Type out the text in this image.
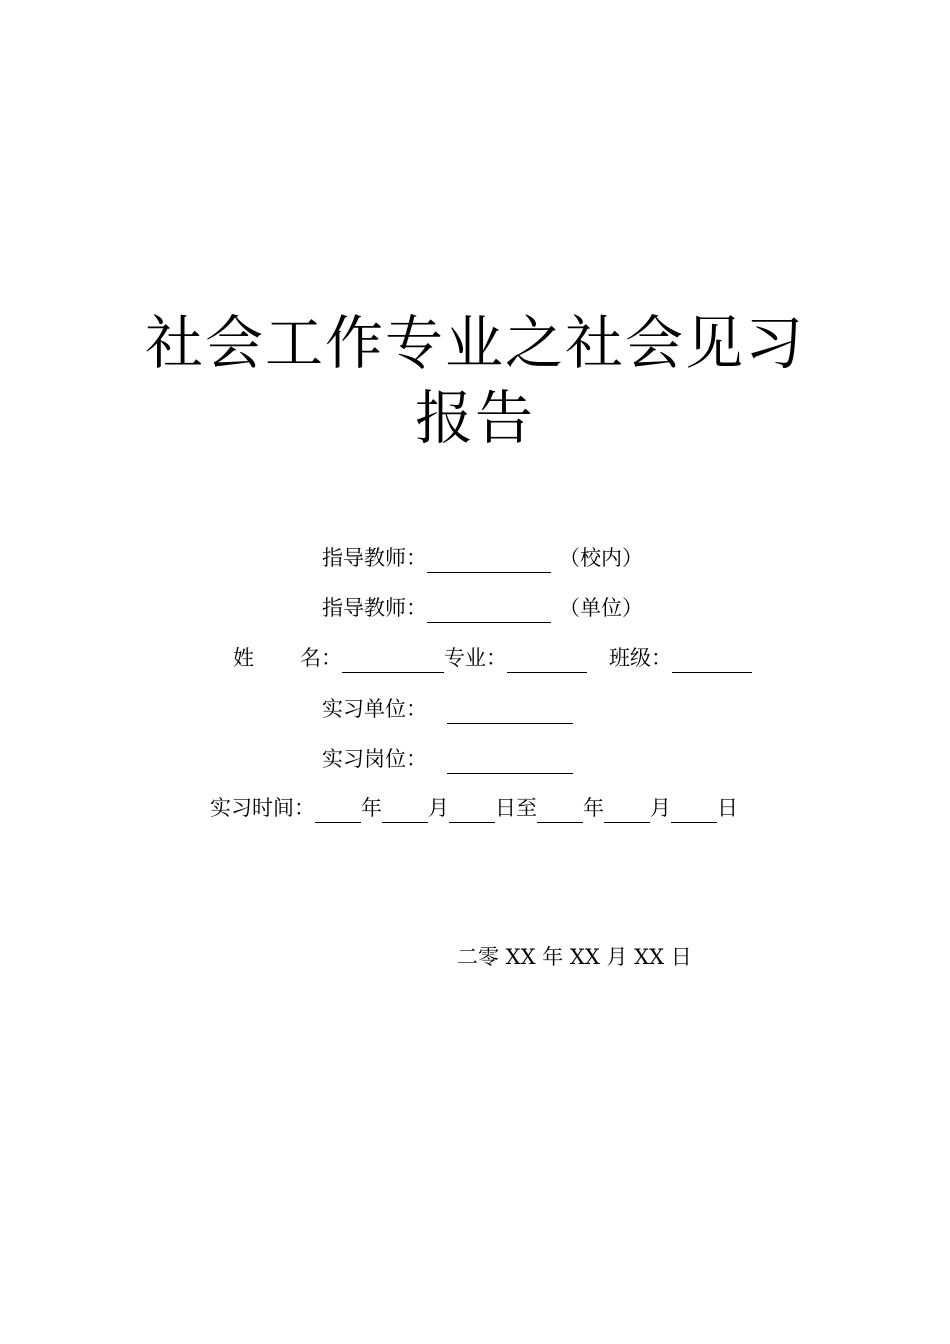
社会工作专业之社会见习
报告
指导教师：	（校内）
指导教师：	（单位）
姓 名：	专业：	班级：
实习单位：
实习岗位：
实习时间： 年 月 日至 年 月 日
二零 XX 年 XX 月 XX 日
